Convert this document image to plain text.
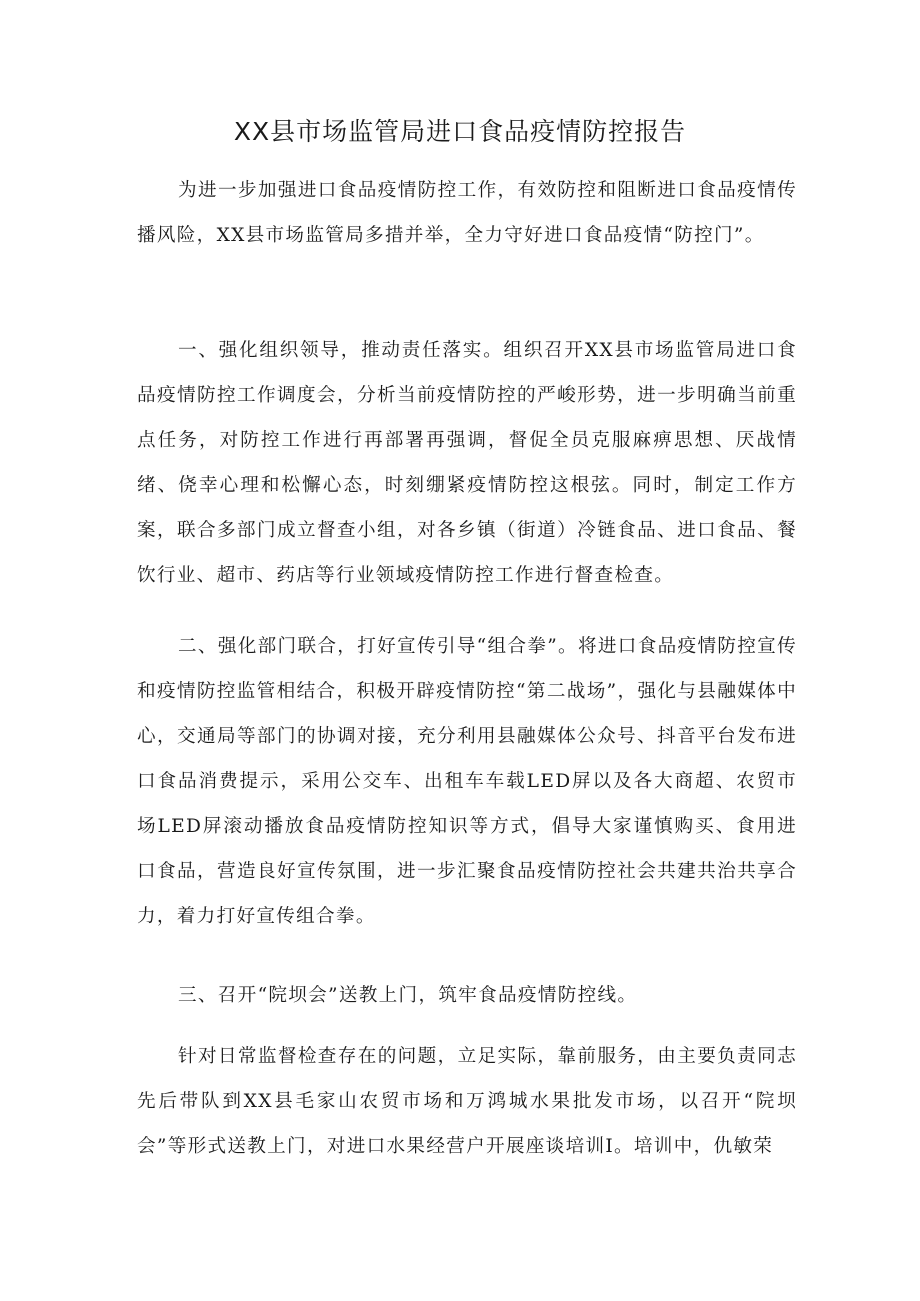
XX县市场监管局进口食品疫情防控报告

为进一步加强进口食品疫情防控工作，有效防控和阻断进口食品疫情传播风险，XX县市场监管局多措并举，全力守好进口食品疫情“防控门”。

一、强化组织领导，推动责任落实。组织召开XX县市场监管局进口食品疫情防控工作调度会，分析当前疫情防控的严峻形势，进一步明确当前重点任务，对防控工作进行再部署再强调，督促全员克服麻痹思想、厌战情绪、侥幸心理和松懈心态，时刻绷紧疫情防控这根弦。同时，制定工作方案，联合多部门成立督查小组，对各乡镇（街道）冷链食品、进口食品、餐饮行业、超市、药店等行业领域疫情防控工作进行督查检查。

二、强化部门联合，打好宣传引导“组合拳”。将进口食品疫情防控宣传和疫情防控监管相结合，积极开辟疫情防控“第二战场”，强化与县融媒体中心，交通局等部门的协调对接，充分利用县融媒体公众号、抖音平台发布进口食品消费提示，采用公交车、出租车车载LED屏以及各大商超、农贸市场LED屏滚动播放食品疫情防控知识等方式，倡导大家谨慎购买、食用进口食品，营造良好宣传氛围，进一步汇聚食品疫情防控社会共建共治共享合力，着力打好宣传组合拳。

三、召开“院坝会”送教上门，筑牢食品疫情防控线。

针对日常监督检查存在的问题，立足实际，靠前服务，由主要负责同志先后带队到XX县毛家山农贸市场和万鸿城水果批发市场，以召开“院坝会”等形式送教上门，对进口水果经营户开展座谈培训I。培训中，仇敏荣
